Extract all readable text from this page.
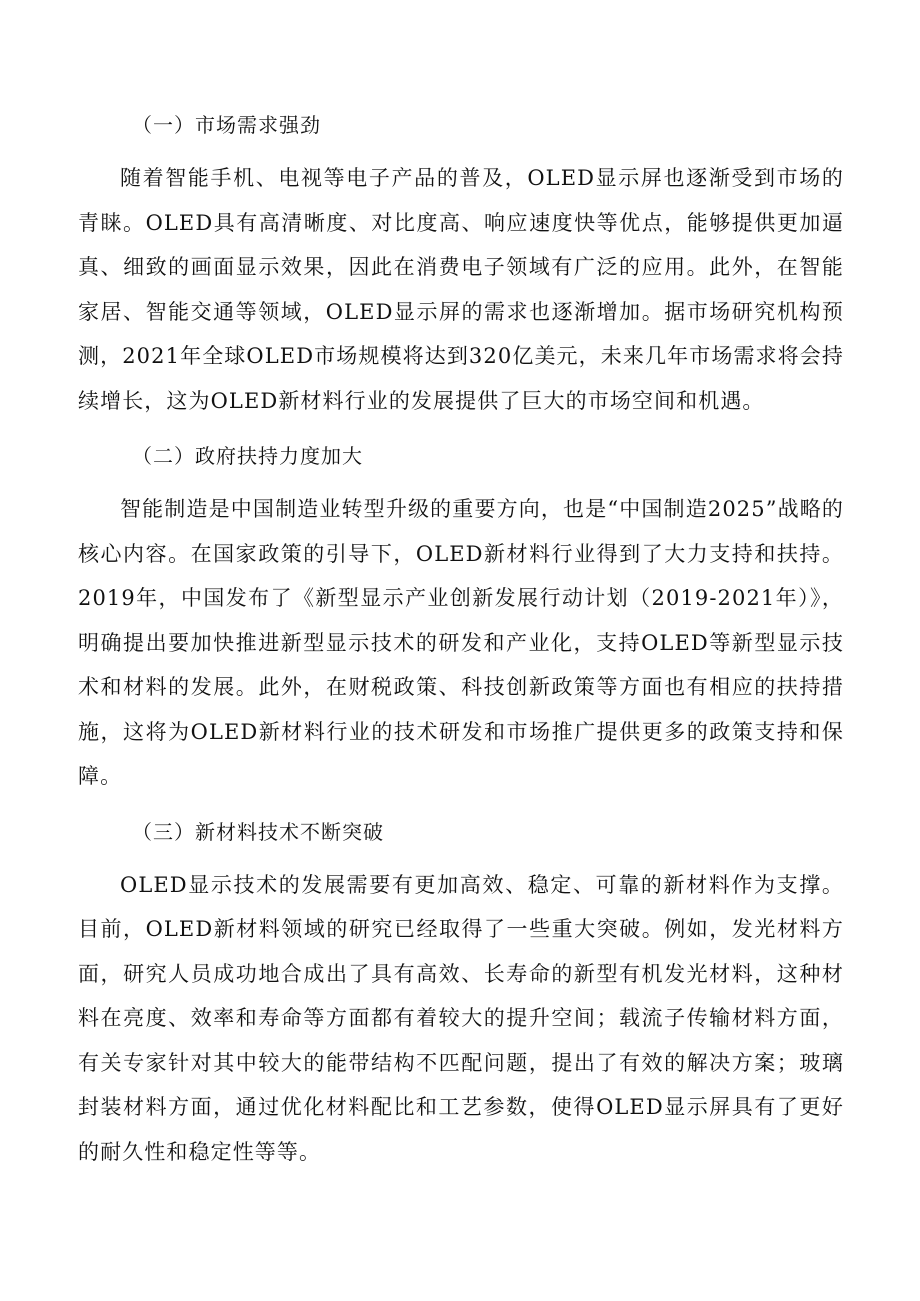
（一）市场需求强劲

随着智能手机、电视等电子产品的普及，OLED显示屏也逐渐受到市场的青睐。OLED具有高清晰度、对比度高、响应速度快等优点，能够提供更加逼真、细致的画面显示效果，因此在消费电子领域有广泛的应用。此外，在智能家居、智能交通等领域，OLED显示屏的需求也逐渐增加。据市场研究机构预测，2021年全球OLED市场规模将达到320亿美元，未来几年市场需求将会持续增长，这为OLED新材料行业的发展提供了巨大的市场空间和机遇。

（二）政府扶持力度加大

智能制造是中国制造业转型升级的重要方向，也是“中国制造2025”战略的核心内容。在国家政策的引导下，OLED新材料行业得到了大力支持和扶持。2019年，中国发布了《新型显示产业创新发展行动计划（2019-2021年）》，明确提出要加快推进新型显示技术的研发和产业化，支持OLED等新型显示技术和材料的发展。此外，在财税政策、科技创新政策等方面也有相应的扶持措施，这将为OLED新材料行业的技术研发和市场推广提供更多的政策支持和保障。

（三）新材料技术不断突破

OLED显示技术的发展需要有更加高效、稳定、可靠的新材料作为支撑。目前，OLED新材料领域的研究已经取得了一些重大突破。例如，发光材料方面，研究人员成功地合成出了具有高效、长寿命的新型有机发光材料，这种材料在亮度、效率和寿命等方面都有着较大的提升空间；载流子传输材料方面，有关专家针对其中较大的能带结构不匹配问题，提出了有效的解决方案；玻璃封装材料方面，通过优化材料配比和工艺参数，使得OLED显示屏具有了更好的耐久性和稳定性等等。
